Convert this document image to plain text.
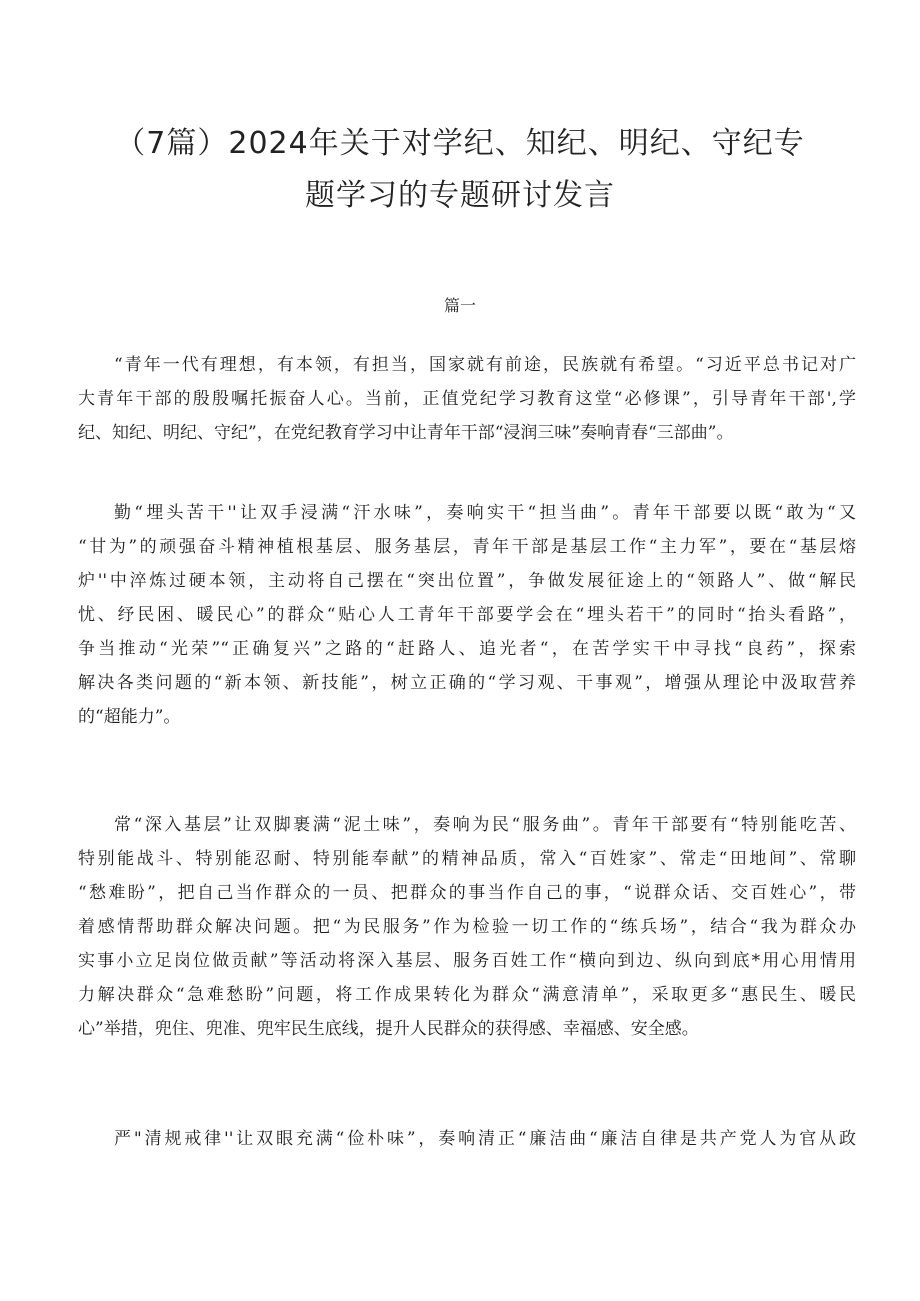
（7篇）2024年关于对学纪、知纪、明纪、守纪专
题学习的专题研讨发言
篇一

“青年一代有理想，有本领，有担当，国家就有前途，民族就有希望。“习近平总书记对广
大青年干部的殷殷嘱托振奋人心。当前，正值党纪学习教育这堂“必修课”，引导青年干部',学
纪、知纪、明纪、守纪”，在党纪教育学习中让青年干部“浸润三味”奏响青春“三部曲”。

勤“埋头苦干''让双手浸满“汗水味”，奏响实干“担当曲”。青年干部要以既“敢为“又
“甘为”的顽强奋斗精神植根基层、服务基层，青年干部是基层工作“主力军”，要在“基层熔
炉''中淬炼过硬本领，主动将自己摆在“突出位置”，争做发展征途上的“领路人”、做“解民
忧、纾民困、暖民心”的群众“贴心人工青年干部要学会在“埋头若干”的同时“抬头看路”，
争当推动“光荣”“正确复兴”之路的“赶路人、追光者“，在苦学实干中寻找“良药”，探索
解决各类问题的“新本领、新技能”，树立正确的“学习观、干事观”，增强从理论中汲取营养
的“超能力”。

常“深入基层”让双脚裹满“泥土味”，奏响为民“服务曲”。青年干部要有“特别能吃苦、
特别能战斗、特别能忍耐、特别能奉献”的精神品质，常入“百姓家”、常走“田地间”、常聊
“愁难盼”，把自己当作群众的一员、把群众的事当作自己的事，“说群众话、交百姓心”，带
着感情帮助群众解决问题。把“为民服务”作为检验一切工作的“练兵场”，结合“我为群众办
实事小立足岗位做贡献”等活动将深入基层、服务百姓工作“横向到边、纵向到底*用心用情用
力解决群众“急难愁盼”问题，将工作成果转化为群众“满意清单”，采取更多“惠民生、暖民
心”举措，兜住、兜准、兜牢民生底线，提升人民群众的获得感、幸福感、安全感。

严"清规戒律''让双眼充满“俭朴味”，奏响清正“廉洁曲“廉洁自律是共产党人为官从政
